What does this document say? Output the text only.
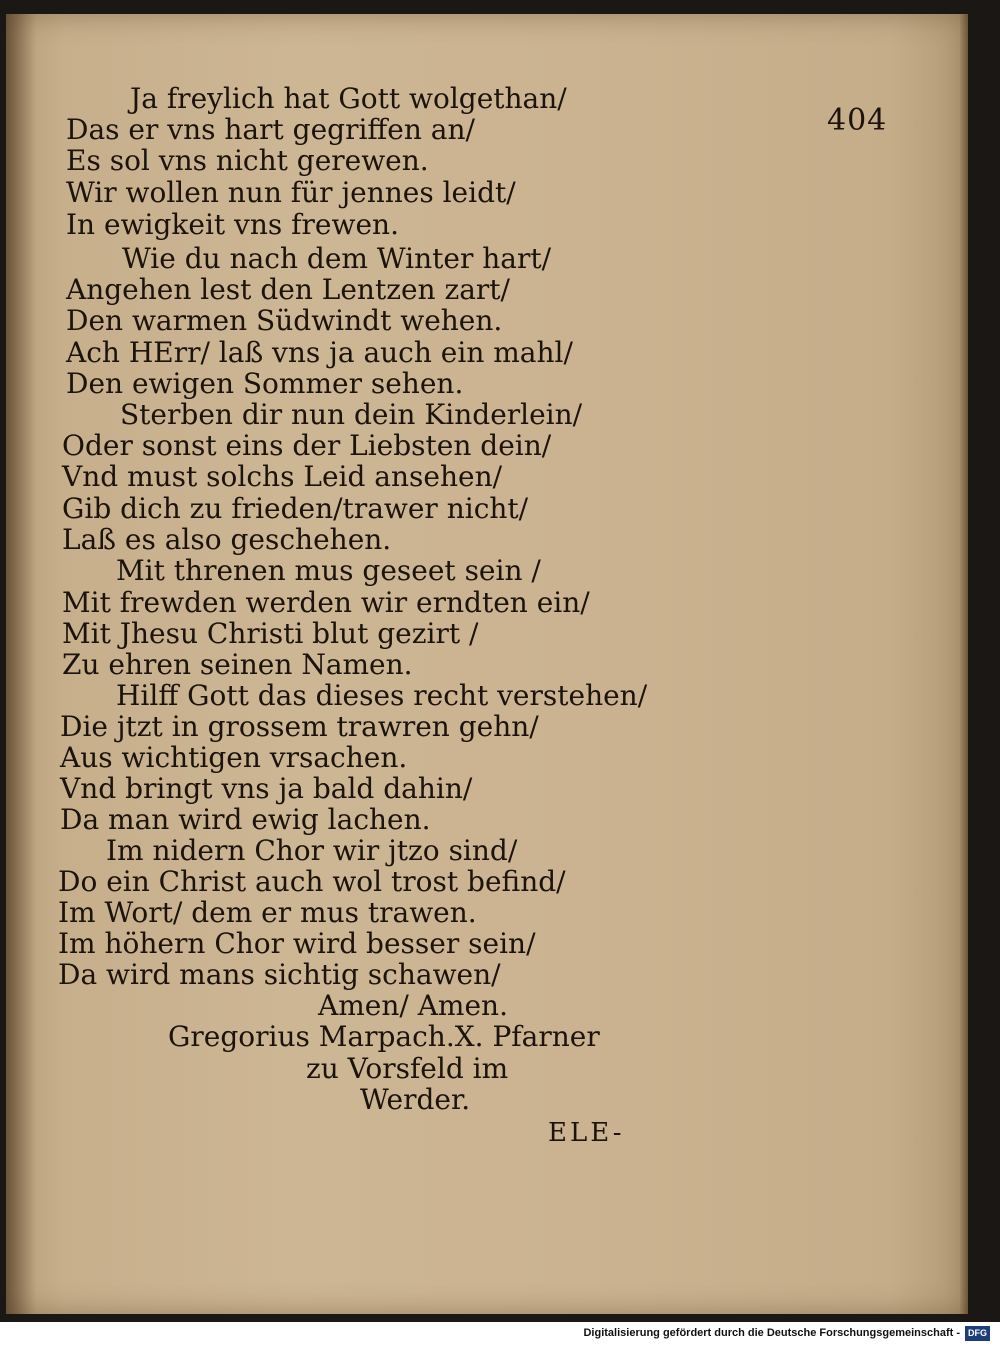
404
Ja freylich hat Gott wolgethan/
Das er vns hart gegriffen an/
Es sol vns nicht gerewen.
Wir wollen nun für jennes leidt/
In ewigkeit vns frewen.
Wie du nach dem Winter hart/
Angehen lest den Lentzen zart/
Den warmen Südwindt wehen.
Ach HErr/ laß vns ja auch ein mahl/
Den ewigen Sommer sehen.
Sterben dir nun dein Kinderlein/
Oder sonst eins der Liebsten dein/
Vnd must solchs Leid ansehen/
Gib dich zu frieden/trawer nicht/
Laß es also geschehen.
Mit threnen mus geseet sein /
Mit frewden werden wir erndten ein/
Mit Jhesu Christi blut gezirt /
Zu ehren seinen Namen.
Hilff Gott das dieses recht verstehen/
Die jtzt in grossem trawren gehn/
Aus wichtigen vrsachen.
Vnd bringt vns ja bald dahin/
Da man wird ewig lachen.
Im nidern Chor wir jtzo sind/
Do ein Christ auch wol trost befind/
Im Wort/ dem er mus trawen.
Im höhern Chor wird besser sein/
Da wird mans sichtig schawen/
Amen/ Amen.
Gregorius Marpach.X. Pfarner
zu Vorsfeld im
Werder.
ELE-
Digitalisierung gefördert durch die Deutsche Forschungsgemeinschaft - DFG
